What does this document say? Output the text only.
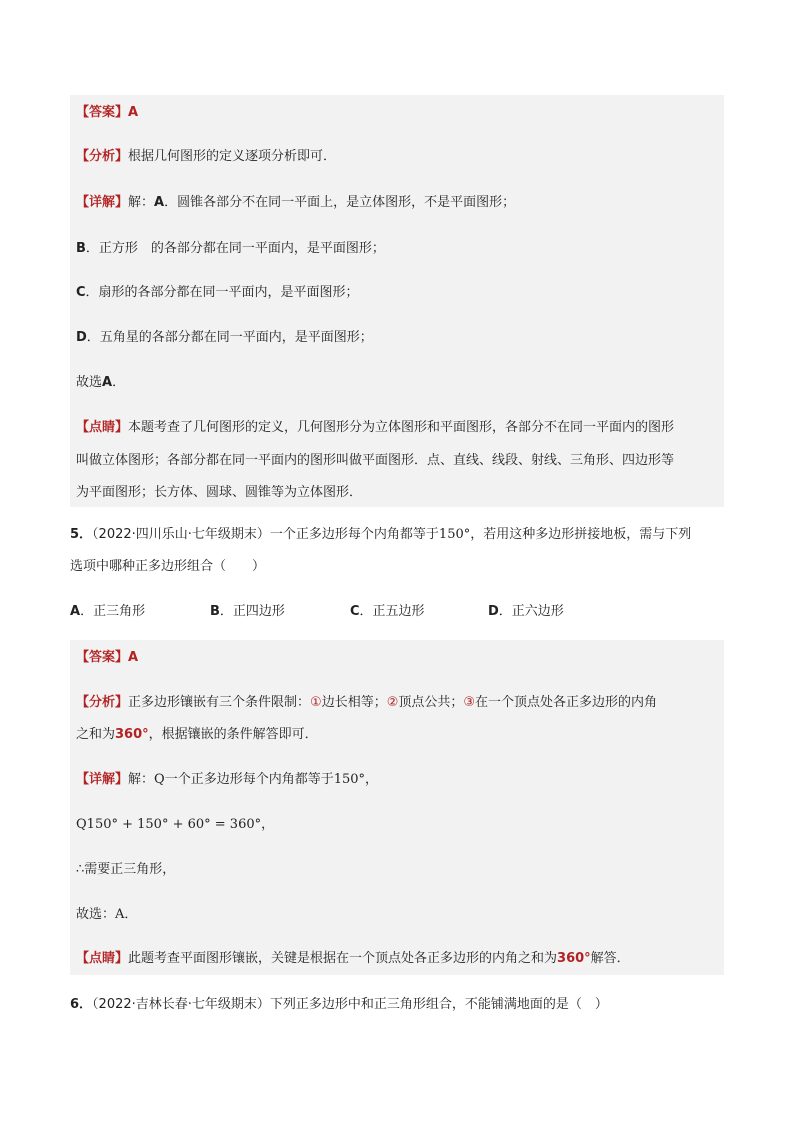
【答案】A
【分析】根据几何图形的定义逐项分析即可．
【详解】解：A．圆锥各部分不在同一平面上，是立体图形，不是平面图形；
B．正方形　的各部分都在同一平面内，是平面图形；
C．扇形的各部分都在同一平面内，是平面图形；
D．五角星的各部分都在同一平面内，是平面图形；
故选A．
【点睛】本题考查了几何图形的定义，几何图形分为立体图形和平面图形，各部分不在同一平面内的图形
叫做立体图形；各部分都在同一平面内的图形叫做平面图形．点、直线、线段、射线、三角形、四边形等
为平面图形；长方体、圆球、圆锥等为立体图形．
5．（2022·四川乐山·七年级期末）一个正多边形每个内角都等于150°，若用这种多边形拼接地板，需与下列
选项中哪种正多边形组合（　　）
A．正三角形	B．正四边形	C．正五边形	D．正六边形
【答案】A
【分析】正多边形镶嵌有三个条件限制：①边长相等；②顶点公共；③在一个顶点处各正多边形的内角
之和为360°，根据镶嵌的条件解答即可．
【详解】解：Q一个正多边形每个内角都等于150°，
Q150° + 150° + 60° = 360°，
∴需要正三角形，
故选：A．
【点睛】此题考查平面图形镶嵌，关键是根据在一个顶点处各正多边形的内角之和为360°解答．
6．（2022·吉林长春·七年级期末）下列正多边形中和正三角形组合，不能铺满地面的是（　）
